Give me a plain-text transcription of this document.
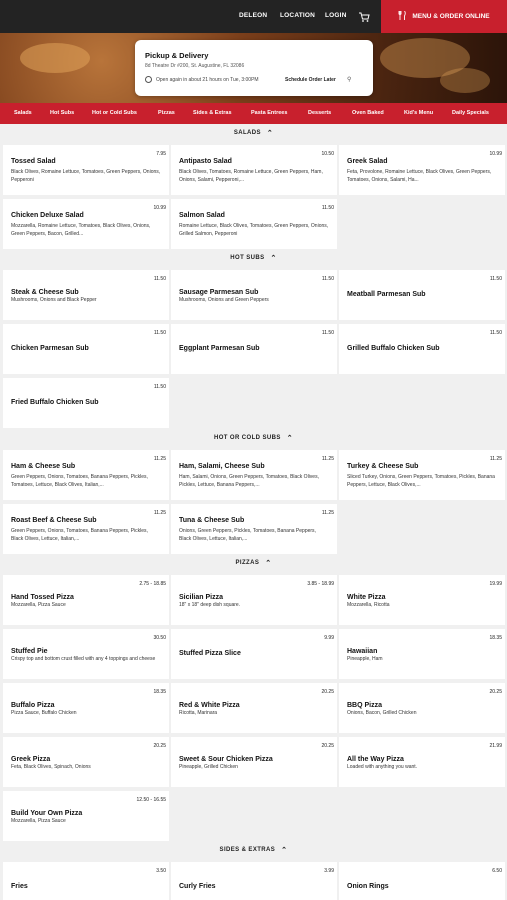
DELEON LOCATION LOGIN	MENU & ORDER ONLINE
Pickup & Delivery
8d Theatre Dr #200, St. Augustine, FL 32086
Open again in about 21 hours on Tue, 3:00PM	Schedule Order Later ⚲
Salads	Hot Subs	Hot or Cold Subs	Pizzas	Sides & Extras	Pasta Entrees	Desserts	Oven Baked	Kid's Menu	Daily Specials
SALADS ⌃
7.95
Tossed Salad
Black Olives, Romaine Lettuce, Tomatoes, Green Peppers, Onions, Pepperoni
10.50
Antipasto Salad
Black Olives, Tomatoes, Romaine Lettuce, Green Peppers, Ham, Onions, Salami, Pepperoni,...
10.99
Greek Salad
Feta, Provolone, Romaine Lettuce, Black Olives, Green Peppers, Tomatoes, Onions, Salami, Ha...
10.99
Chicken Deluxe Salad
Mozzarella, Romaine Lettuce, Tomatoes, Black Olives, Onions, Green Peppers, Bacon, Grilled...
11.50
Salmon Salad
Romaine Lettuce, Black Olives, Tomatoes, Green Peppers, Onions, Grilled Salmon, Pepperoni
HOT SUBS ⌃
11.50
Steak & Cheese Sub
Mushrooms, Onions and Black Pepper
11.50
Sausage Parmesan Sub
Mushrooms, Onions and Green Peppers
11.50
Meatball Parmesan Sub
11.50
Chicken Parmesan Sub
11.50
Eggplant Parmesan Sub
11.50
Grilled Buffalo Chicken Sub
11.50
Fried Buffalo Chicken Sub
HOT OR COLD SUBS ⌃
11.25
Ham & Cheese Sub
Green Peppers, Onions, Tomatoes, Banana Peppers, Pickles, Tomatoes, Lettuce, Black Olives, Italian,...
11.25
Ham, Salami, Cheese Sub
Ham, Salami, Onions, Green Peppers, Tomatoes, Black Olives, Pickles, Lettuce, Banana Peppers,...
11.25
Turkey & Cheese Sub
Sliced Turkey, Onions, Green Peppers, Tomatoes, Pickles, Banana Peppers, Lettuce, Black Olives,...
11.25
Roast Beef & Cheese Sub
Green Peppers, Onions, Tomatoes, Banana Peppers, Pickles, Black Olives, Lettuce, Italian,...
11.25
Tuna & Cheese Sub
Onions, Green Peppers, Pickles, Tomatoes, Banana Peppers, Black Olives, Lettuce, Italian,...
PIZZAS ⌃
2.75 - 18.85
Hand Tossed Pizza
Mozzarella, Pizza Sauce
3.85 - 18.99
Sicilian Pizza
18" x 18" deep dish square.
19.99
White Pizza
Mozzarella, Ricotta
30.50
Stuffed Pie
Crispy top and bottom crust filled with any 4 toppings and cheese
9.99
Stuffed Pizza Slice
18.35
Hawaiian
Pineapple, Ham
18.35
Buffalo Pizza
Pizza Sauce, Buffalo Chicken
20.25
Red & White Pizza
Ricotta, Marinara
20.25
BBQ Pizza
Onions, Bacon, Grilled Chicken
20.25
Greek Pizza
Feta, Black Olives, Spinach, Onions
20.25
Sweet & Sour Chicken Pizza
Pineapple, Grilled Chicken
21.99
All the Way Pizza
Loaded with anything you want.
12.50 - 16.55
Build Your Own Pizza
Mozzarella, Pizza Sauce
SIDES & EXTRAS ⌃
3.50
Fries
3.99
Curly Fries
6.50
Onion Rings
